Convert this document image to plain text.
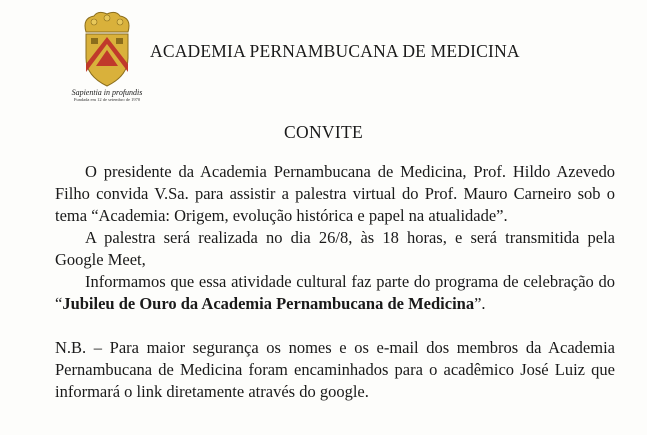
Sapientia in profundis
Fundada em 12 de setembro de 1970
ACADEMIA PERNAMBUCANA DE MEDICINA
CONVITE

O presidente da Academia Pernambucana de Medicina, Prof. Hildo Azevedo Filho convida V.Sa. para assistir a palestra virtual do Prof. Mauro Carneiro sob o tema “Academia: Origem, evolução histórica e papel na atualidade”.

A palestra será realizada no dia 26/8, às 18 horas, e será transmitida pela Google Meet,

Informamos que essa atividade cultural faz parte do programa de celebração do “Jubileu de Ouro da Academia Pernambucana de Medicina”.

N.B. – Para maior segurança os nomes e os e-mail dos membros da Academia Pernambucana de Medicina foram encaminhados para o acadêmico José Luiz que informará o link diretamente através do google.
